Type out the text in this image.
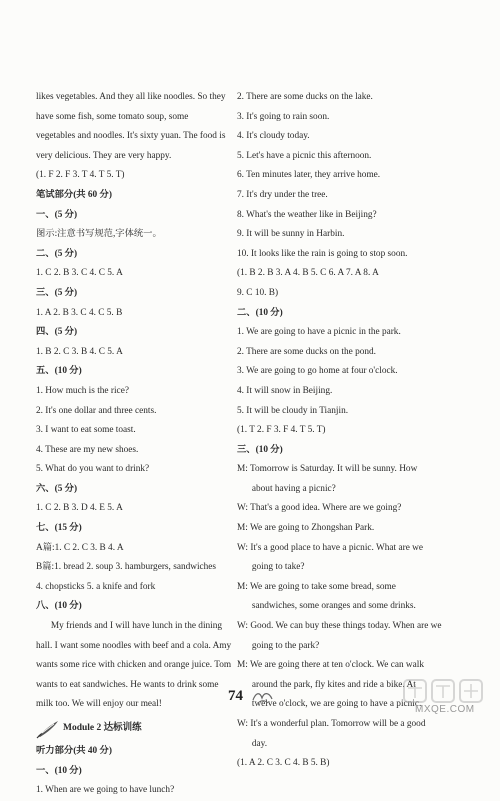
likes vegetables. And they all like noodles. So they
have some fish, some tomato soup, some
vegetables and noodles. It's sixty yuan. The food is
very delicious. They are very happy.
(1. F 2. F 3. T 4. T 5. T)
笔试部分(共 60 分)
一、(5 分)
图示:注意书写规范,字体统一。
二、(5 分)
1. C 2. B 3. C 4. C 5. A
三、(5 分)
1. A 2. B 3. C 4. C 5. B
四、(5 分)
1. B 2. C 3. B 4. C 5. A
五、(10 分)
1. How much is the rice?
2. It's one dollar and three cents.
3. I want to eat some toast.
4. These are my new shoes.
5. What do you want to drink?
六、(5 分)
1. C 2. B 3. D 4. E 5. A
七、(15 分)
A篇:1. C 2. C 3. B 4. A
B篇:1. bread 2. soup 3. hamburgers, sandwiches
4. chopsticks 5. a knife and fork
八、(10 分)
My friends and I will have lunch in the dining
hall. I want some noodles with beef and a cola. Amy
wants some rice with chicken and orange juice. Tom
wants to eat sandwiches. He wants to drink some
milk too. We will enjoy our meal!
Module 2 达标训练
听力部分(共 40 分)
一、(10 分)
1. When are we going to have lunch?
2. There are some ducks on the lake.
3. It's going to rain soon.
4. It's cloudy today.
5. Let's have a picnic this afternoon.
6. Ten minutes later, they arrive home.
7. It's dry under the tree.
8. What's the weather like in Beijing?
9. It will be sunny in Harbin.
10. It looks like the rain is going to stop soon.
(1. B 2. B 3. A 4. B 5. C 6. A 7. A 8. A
9. C 10. B)
二、(10 分)
1. We are going to have a picnic in the park.
2. There are some ducks on the pond.
3. We are going to go home at four o'clock.
4. It will snow in Beijing.
5. It will be cloudy in Tianjin.
(1. T 2. F 3. F 4. T 5. T)
三、(10 分)
M: Tomorrow is Saturday. It will be sunny. How
about having a picnic?
W: That's a good idea. Where are we going?
M: We are going to Zhongshan Park.
W: It's a good place to have a picnic. What are we
going to take?
M: We are going to take some bread, some
sandwiches, some oranges and some drinks.
W: Good. We can buy these things today. When are we
going to the park?
M: We are going there at ten o'clock. We can walk
around the park, fly kites and ride a bike. At
twelve o'clock, we are going to have a picnic.
W: It's a wonderful plan. Tomorrow will be a good
day.
(1. A 2. C 3. C 4. B 5. B)
74
MXQE.COM
